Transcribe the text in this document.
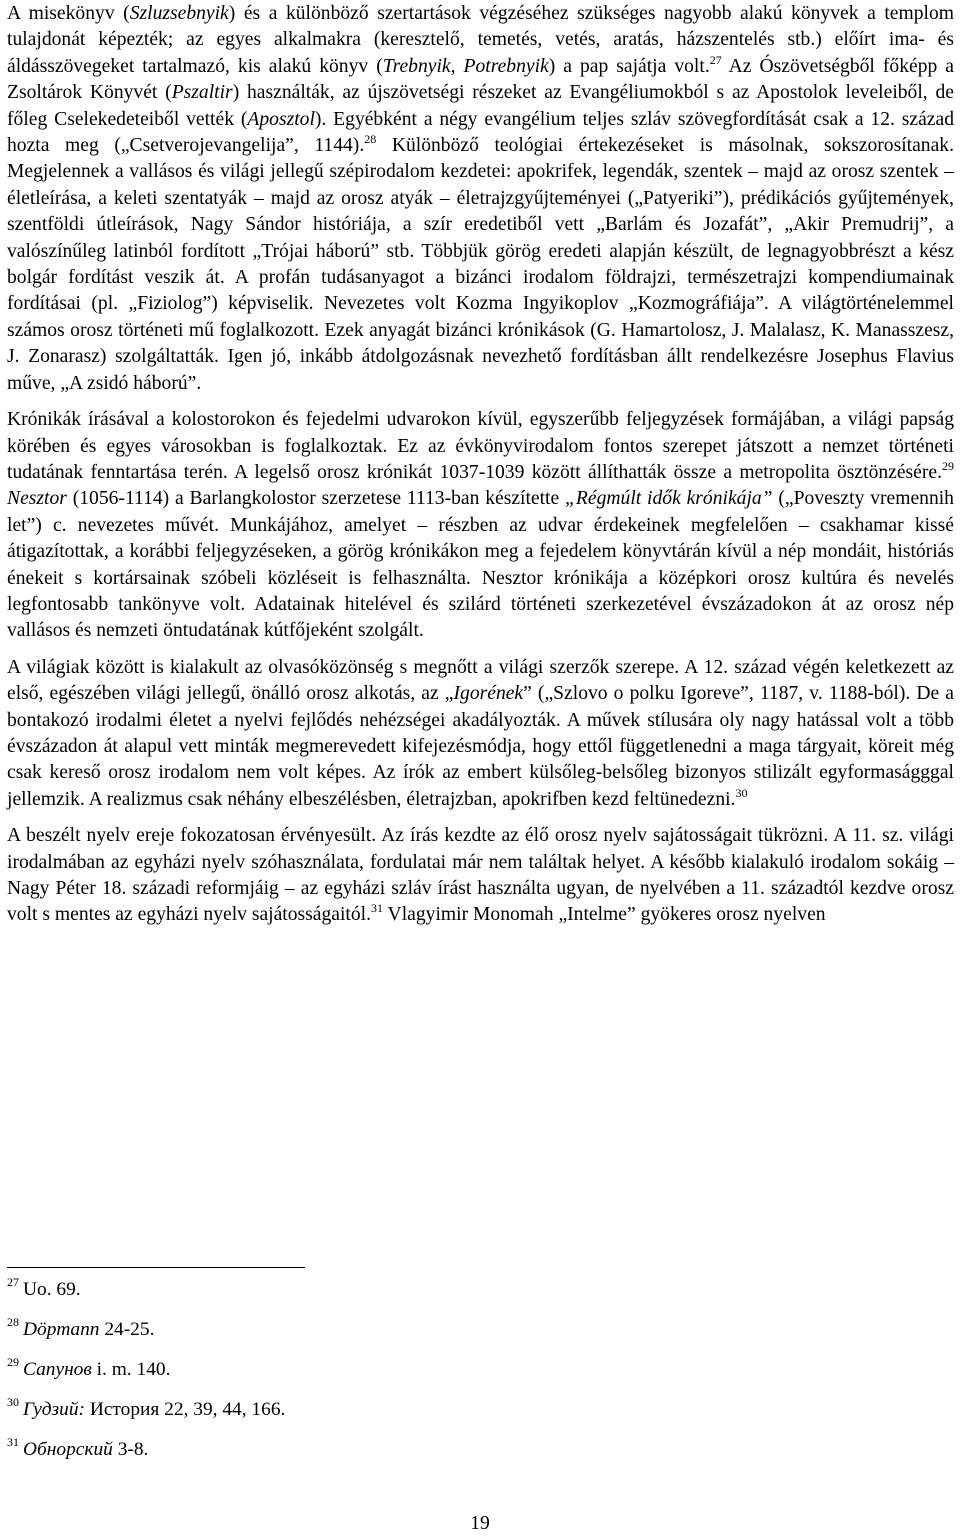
A misekönyv (Szluzsebnyik) és a különböző szertartások végzéséhez szükséges nagyobb alakú könyvek a templom tulajdonát képezték; az egyes alkalmakra (keresztelő, temetés, vetés, aratás, házszentelés stb.) előírt ima- és áldásszövegeket tartalmazó, kis alakú könyv (Trebnyik, Potrebnyik) a pap sajátja volt.$^{27}$ Az Ószövetségből főképp a Zsoltárok Könyvét (Pszaltir) használták, az újszövetségi részeket az Evangéliumokból s az Apostolok leveleiből, de főleg Cselekedeteiből vették (Aposztol). Egyébként a négy evangélium teljes szláv szövegfordítását csak a 12. század hozta meg („Csetverojevangelija”, 1144).$^{28}$ Különböző teológiai értekezéseket is másolnak, sokszorosítanak. Megjelennek a vallásos és világi jellegű szépirodalom kezdetei: apokrifek, legendák, szentek – majd az orosz szentek – életleírása, a keleti szentatyák – majd az orosz atyák – életrajzgyűjteményei („Patyeriki”), prédikációs gyűjtemények, szentföldi útleírások, Nagy Sándor históriája, a szír eredetiből vett „Barlám és Jozafát”, „Akir Premudrij”, a valószínűleg latinból fordított „Trójai háború” stb. Többjük görög eredeti alapján készült, de legnagyobbrészt a kész bolgár fordítást veszik át. A profán tudásanyagot a bizánci irodalom földrajzi, természetrajzi kompendiumainak fordításai (pl. „Fiziolog”) képviselik. Nevezetes volt Kozma Ingyikoplov „Kozmográfiája”. A világtörténelemmel számos orosz történeti mű foglalkozott. Ezek anyagát bizánci krónikások (G. Hamartolosz, J. Malalasz, K. Manasszesz, J. Zonarasz) szolgáltatták. Igen jó, inkább átdolgozásnak nevezhető fordításban állt rendelkezésre Josephus Flavius műve, „A zsidó háború”.

Krónikák írásával a kolostorokon és fejedelmi udvarokon kívül, egyszerűbb feljegyzések formájában, a világi papság körében és egyes városokban is foglalkoztak. Ez az évkönyvirodalom fontos szerepet játszott a nemzet történeti tudatának fenntartása terén. A legelső orosz krónikát 1037-1039 között állíthatták össze a metropolita ösztönzésére.$^{29}$ Nesztor (1056-1114) a Barlangkolostor szerzetese 1113-ban készítette „Régmúlt idők krónikája” („Poveszty vremennih let”) c. nevezetes művét. Munkájához, amelyet – részben az udvar érdekeinek megfelelően – csakhamar kissé átigazítottak, a korábbi feljegyzéseken, a görög krónikákon meg a fejedelem könyvtárán kívül a nép mondáit, históriás énekeit s kortársainak szóbeli közléseit is felhasználta. Nesztor krónikája a középkori orosz kultúra és nevelés legfontosabb tankönyve volt. Adatainak hitelével és szilárd történeti szerkezetével évszázadokon át az orosz nép vallásos és nemzeti öntudatának kútfőjeként szolgált.

A világiak között is kialakult az olvasóközönség s megnőtt a világi szerzők szerepe. A 12. század végén keletkezett az első, egészében világi jellegű, önálló orosz alkotás, az „Igorének” („Szlovo o polku Igoreve”, 1187, v. 1188-ból). De a bontakozó irodalmi életet a nyelvi fejlődés nehézségei akadályozták. A művek stílusára oly nagy hatással volt a több évszázadon át alapul vett minták megmerevedett kifejezésmódja, hogy ettől függetlenedni a maga tárgyait, köreit még csak kereső orosz irodalom nem volt képes. Az írók az embert külsőleg-belsőleg bizonyos stilizált egyformaságggal jellemzik. A realizmus csak néhány elbeszélésben, életrajzban, apokrifben kezd feltünedezni.$^{30}$

A beszélt nyelv ereje fokozatosan érvényesült. Az írás kezdte az élő orosz nyelv sajátosságait tükrözni. A 11. sz. világi irodalmában az egyházi nyelv szóhasználata, fordulatai már nem találtak helyet. A később kialakuló irodalom sokáig – Nagy Péter 18. századi reformjáig – az egyházi szláv írást használta ugyan, de nyelvében a 11. századtól kezdve orosz volt s mentes az egyházi nyelv sajátosságaitól.$^{31}$ Vlagyimir Monomah „Intelme” gyökeres orosz nyelven

$^{27}$ Uo. 69.
$^{28}$ Döpmann 24-25.
$^{29}$ Сапунов i. m. 140.
$^{30}$ Гудзий: История 22, 39, 44, 166.
$^{31}$ Обнорский 3-8.
19
